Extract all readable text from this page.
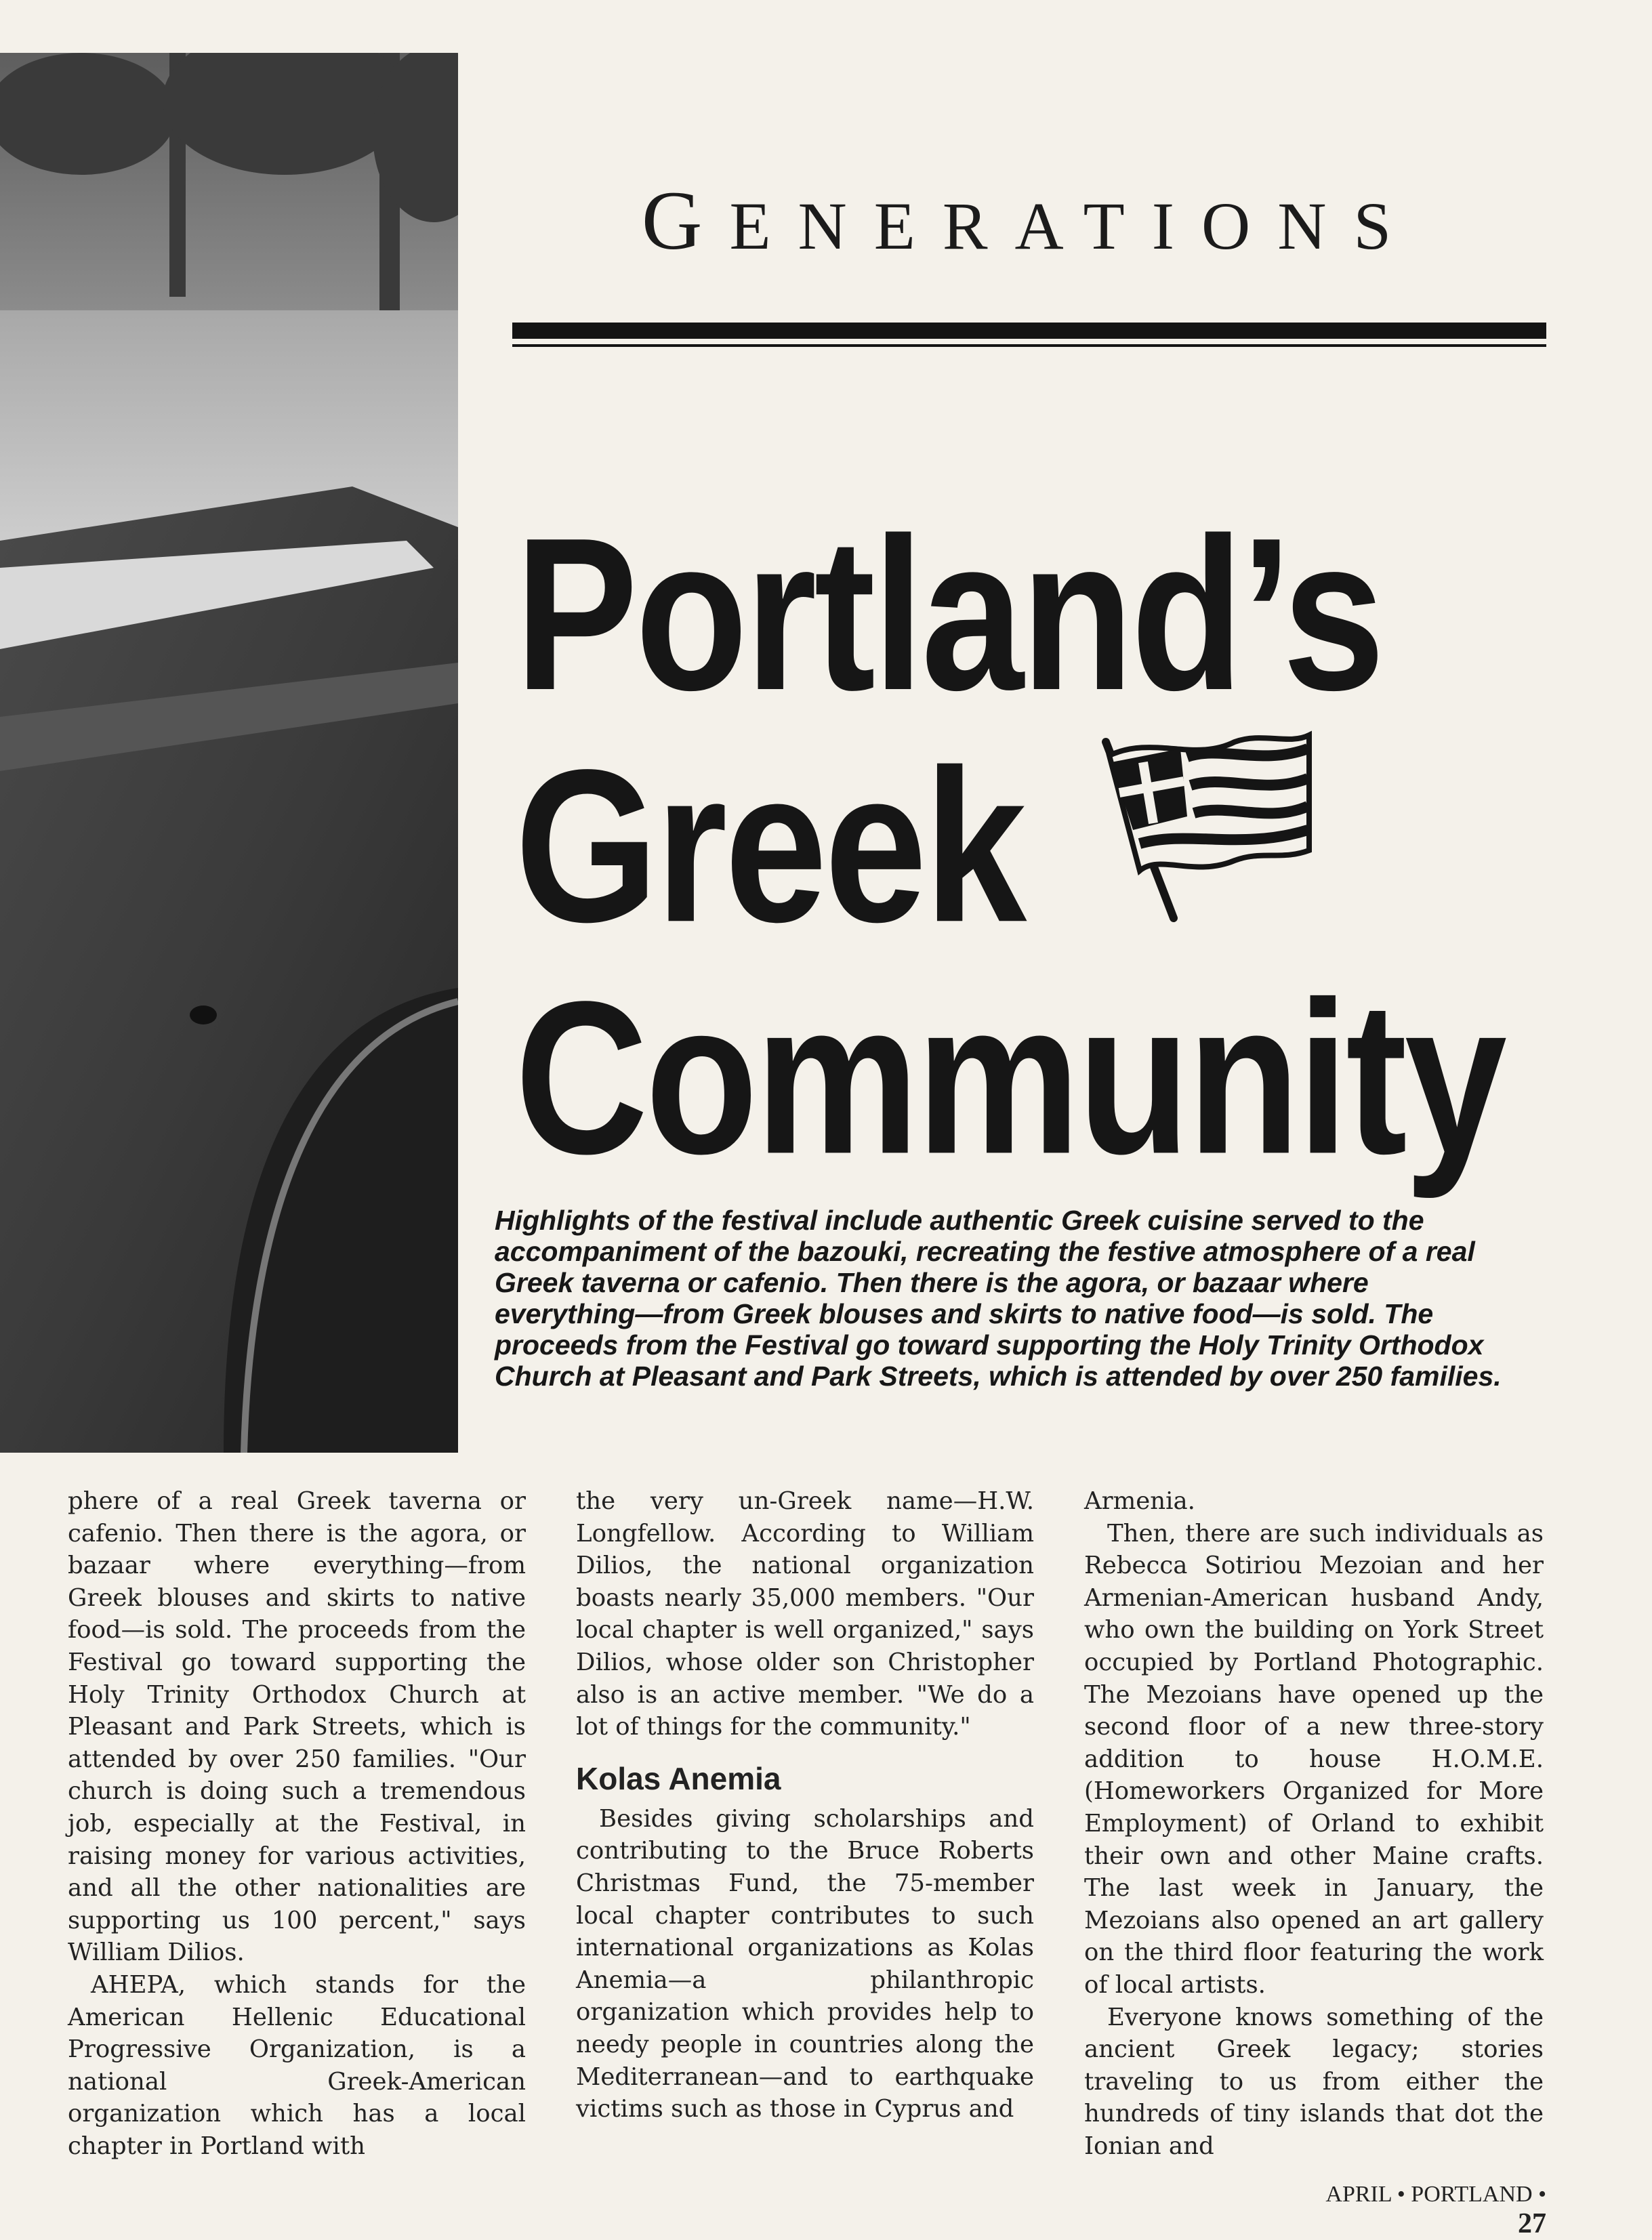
GENERATIONS
Portland’s
Greek
Community
Highlights of the festival include authentic Greek cuisine served to the accompaniment of the bazouki, recreating the festive atmosphere of a real Greek taverna or cafenio. Then there is the agora, or bazaar where everything—from Greek blouses and skirts to native food—is sold. The proceeds from the Festival go toward supporting the Holy Trinity Orthodox Church at Pleasant and Park Streets, which is attended by over 250 families.

phere of a real Greek taverna or cafenio. Then there is the agora, or bazaar where everything—from Greek blouses and skirts to native food—is sold. The proceeds from the Festival go toward supporting the Holy Trinity Orthodox Church at Pleasant and Park Streets, which is attended by over 250 families. "Our church is doing such a tremendous job, especially at the Festival, in raising money for various activities, and all the other nationalities are supporting us 100 percent," says William Dilios.

AHEPA, which stands for the American Hellenic Educational Progressive Organization, is a national Greek-American organization which has a local chapter in Portland with

the very un-Greek name—H.W. Longfellow. According to William Dilios, the national organization boasts nearly 35,000 members. "Our local chapter is well organized," says Dilios, whose older son Christopher also is an active member. "We do a lot of things for the community."

Kolas Anemia

Besides giving scholarships and contributing to the Bruce Roberts Christmas Fund, the 75-member local chapter contributes to such international organizations as Kolas Anemia—a philanthropic organization which provides help to needy people in countries along the Mediterranean—and to earthquake victims such as those in Cyprus and

Armenia.

Then, there are such individuals as Rebecca Sotiriou Mezoian and her Armenian-American husband Andy, who own the building on York Street occupied by Portland Photographic. The Mezoians have opened up the second floor of a new three-story addition to house H.O.M.E. (Homeworkers Organized for More Employment) of Orland to exhibit their own and other Maine crafts. The last week in January, the Mezoians also opened an art gallery on the third floor featuring the work of local artists.

Everyone knows something of the ancient Greek legacy; stories traveling to us from either the hundreds of tiny islands that dot the Ionian and

APRIL • PORTLAND • 27
